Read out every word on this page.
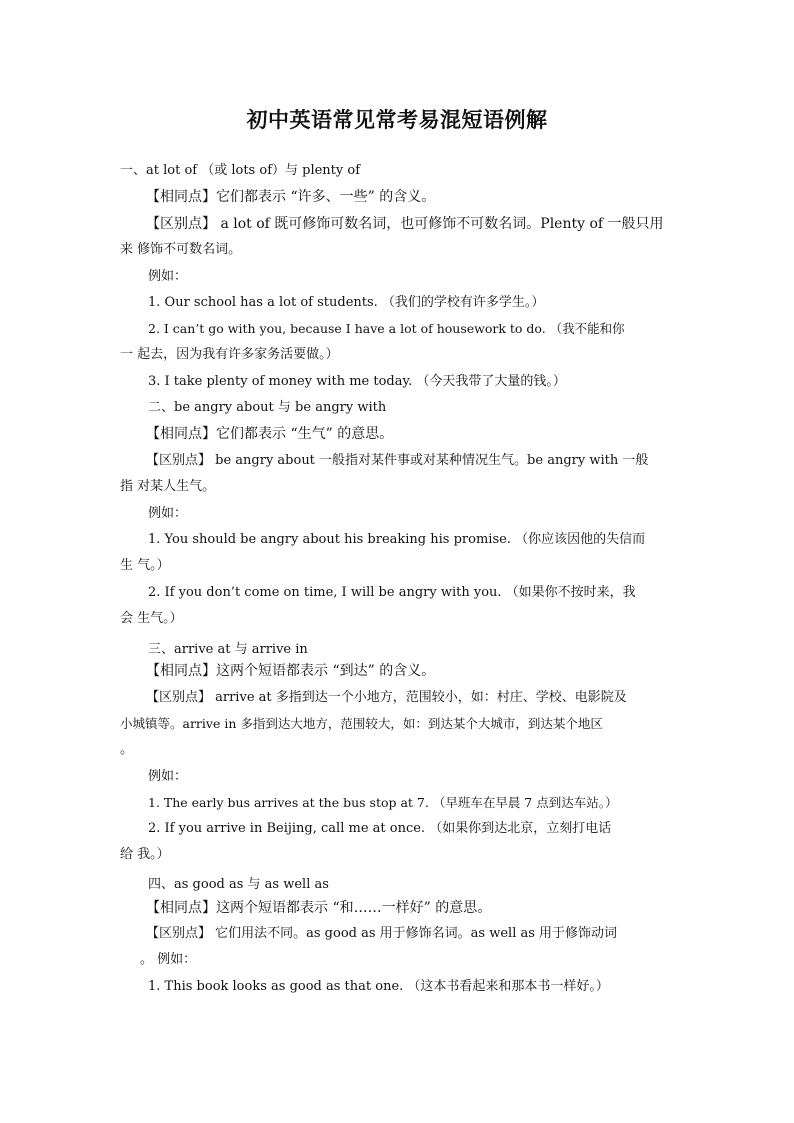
初中英语常见常考易混短语例解
一、at lot of （或 lots of）与 plenty of
【相同点】它们都表示 “许多、一些” 的含义。
【区别点】 a lot of 既可修饰可数名词，也可修饰不可数名词。Plenty of 一般只用
来 修饰不可数名词。
例如：
1. Our school has a lot of students. （我们的学校有许多学生。）
2. I can’t go with you, because I have a lot of housework to do. （我不能和你
一 起去，因为我有许多家务活要做。）
3. I take plenty of money with me today. （今天我带了大量的钱。）
二、be angry about 与 be angry with
【相同点】它们都表示 “生气” 的意思。
【区别点】 be angry about 一般指对某件事或对某种情况生气。be angry with 一般
指 对某人生气。
例如：
1. You should be angry about his breaking his promise. （你应该因他的失信而
生 气。）
2. If you don’t come on time, I will be angry with you. （如果你不按时来，我
会 生气。）
三、arrive at 与 arrive in
【相同点】这两个短语都表示 “到达” 的含义。
【区别点】 arrive at 多指到达一个小地方，范围较小，如：村庄、学校、电影院及
小城镇等。arrive in 多指到达大地方，范围较大，如：到达某个大城市，到达某个地区
。
例如：
1. The early bus arrives at the bus stop at 7. （早班车在早晨 7 点到达车站。）
2. If you arrive in Beijing, call me at once. （如果你到达北京，立刻打电话
给 我。）
四、as good as 与 as well as
【相同点】这两个短语都表示 “和……一样好” 的意思。
【区别点】 它们用法不同。as good as 用于修饰名词。as well as 用于修饰动词
。 例如：
1. This book looks as good as that one. （这本书看起来和那本书一样好。）
